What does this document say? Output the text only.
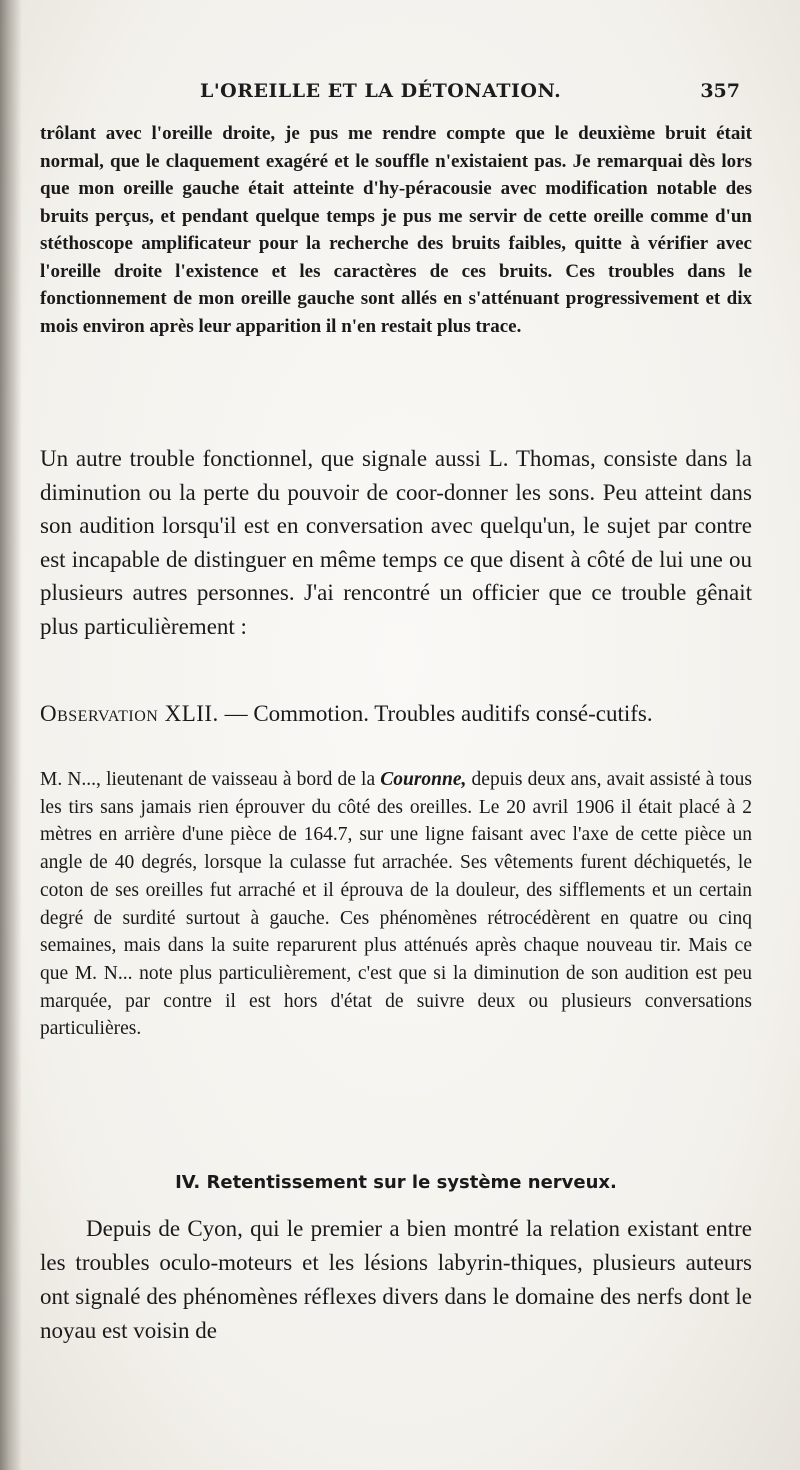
L'OREILLE ET LA DÉTONATION.	357

trôlant avec l'oreille droite, je pus me rendre compte que le deuxième bruit était normal, que le claquement exagéré et le souffle n'existaient pas. Je remarquai dès lors que mon oreille gauche était atteinte d'hy-péracousie avec modification notable des bruits perçus, et pendant quelque temps je pus me servir de cette oreille comme d'un stéthoscope amplificateur pour la recherche des bruits faibles, quitte à vérifier avec l'oreille droite l'existence et les caractères de ces bruits. Ces troubles dans le fonctionnement de mon oreille gauche sont allés en s'atténuant progressivement et dix mois environ après leur apparition il n'en restait plus trace.

Un autre trouble fonctionnel, que signale aussi L. Thomas, consiste dans la diminution ou la perte du pouvoir de coor-donner les sons. Peu atteint dans son audition lorsqu'il est en conversation avec quelqu'un, le sujet par contre est incapable de distinguer en même temps ce que disent à côté de lui une ou plusieurs autres personnes. J'ai rencontré un officier que ce trouble gênait plus particulièrement :

Observation XLII. — Commotion. Troubles auditifs consé-cutifs.

M. N..., lieutenant de vaisseau à bord de la Couronne, depuis deux ans, avait assisté à tous les tirs sans jamais rien éprouver du côté des oreilles. Le 20 avril 1906 il était placé à 2 mètres en arrière d'une pièce de 164.7, sur une ligne faisant avec l'axe de cette pièce un angle de 40 degrés, lorsque la culasse fut arrachée. Ses vêtements furent déchiquetés, le coton de ses oreilles fut arraché et il éprouva de la douleur, des sifflements et un certain degré de surdité surtout à gauche. Ces phénomènes rétrocédèrent en quatre ou cinq semaines, mais dans la suite reparurent plus atténués après chaque nouveau tir. Mais ce que M. N... note plus particulièrement, c'est que si la diminution de son audition est peu marquée, par contre il est hors d'état de suivre deux ou plusieurs conversations particulières.

IV. Retentissement sur le système nerveux.

Depuis de Cyon, qui le premier a bien montré la relation existant entre les troubles oculo-moteurs et les lésions labyrin-thiques, plusieurs auteurs ont signalé des phénomènes réflexes divers dans le domaine des nerfs dont le noyau est voisin de
